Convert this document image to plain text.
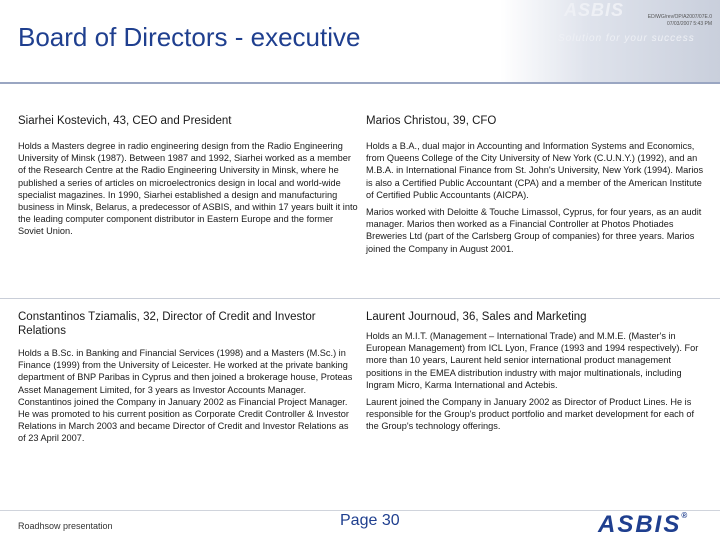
ASBIS
Solution for your success
ED/WG/rev/OP/A2007/07E.0
07/03/2007 5:43 PM
Board of Directors - executive
Siarhei Kostevich, 43, CEO and President

Holds a Masters degree in radio engineering design from the Radio Engineering University of Minsk (1987). Between 1987 and 1992, Siarhei worked as a member of the Research Centre at the Radio Engineering University in Minsk, where he published a series of articles on microelectronics design in local and world-wide specialist magazines. In 1990, Siarhei established a design and manufacturing business in Minsk, Belarus, a predecessor of ASBIS, and within 17 years built it into the leading computer component distributor in Eastern Europe and the former Soviet Union.

Marios Christou, 39, CFO

Holds a B.A., dual major in Accounting and Information Systems and Economics, from Queens College of the City University of New York (C.U.N.Y.) (1992), and an M.B.A. in International Finance from St. John's University, New York (1994). Marios is also a Certified Public Accountant (CPA) and a member of the American Institute of Certified Public Accountants (AICPA).

Marios worked with Deloitte & Touche Limassol, Cyprus, for four years, as an audit manager. Marios then worked as a Financial Controller at Photos Photiades Breweries Ltd (part of the Carlsberg Group of companies) for three years. Marios joined the Company in August 2001.

Constantinos Tziamalis, 32, Director of Credit and Investor Relations

Holds a B.Sc. in Banking and Financial Services (1998) and a Masters (M.Sc.) in Finance (1999) from the University of Leicester. He worked at the private banking department of BNP Paribas in Cyprus and then joined a brokerage house, Proteas Asset Management Limited, for 3 years as Investor Accounts Manager. Constantinos joined the Company in January 2002 as Financial Project Manager. He was promoted to his current position as Corporate Credit Controller & Investor Relations in March 2003 and became Director of Credit and Investor Relations as of 23 April 2007.

Laurent Journoud, 36, Sales and Marketing

Holds an M.I.T. (Management – International Trade) and M.M.E. (Master's in European Management) from ICL Lyon, France (1993 and 1994 respectively). For more than 10 years, Laurent held senior international product management positions in the EMEA distribution industry with major multinationals, including Ingram Micro, Karma International and Actebis.

Laurent joined the Company in January 2002 as Director of Product Lines. He is responsible for the Group's product portfolio and market development for each of the Group's technology offerings.

Roadhsow presentation	Page 30	ASBIS®
